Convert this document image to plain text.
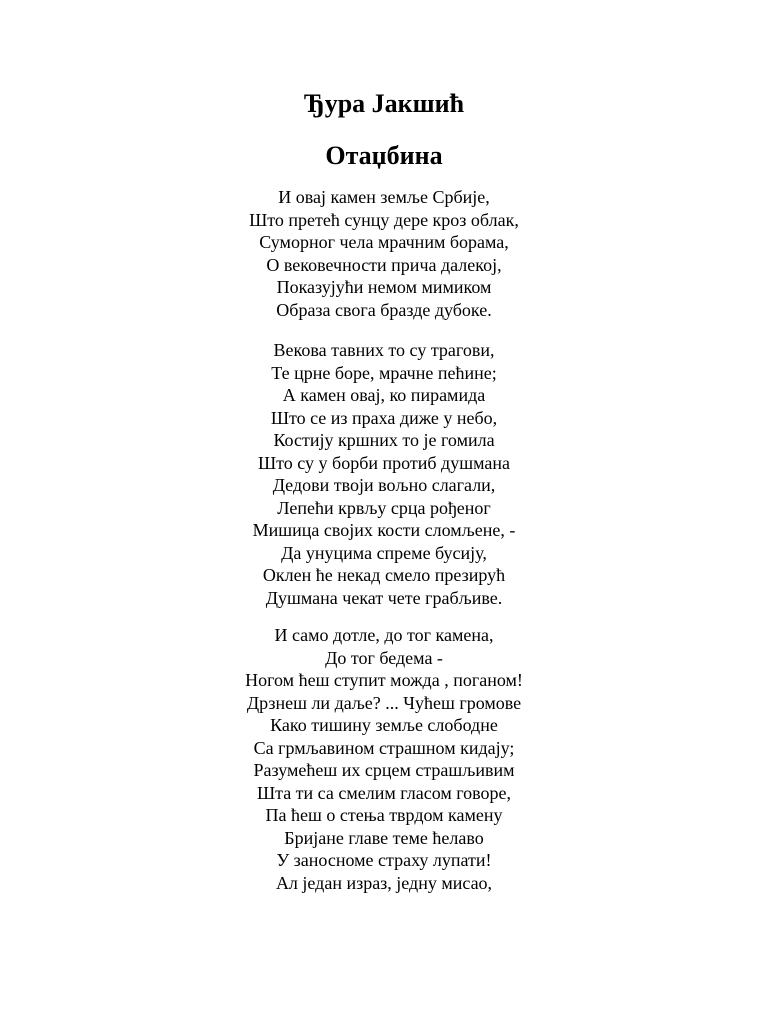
Ђура Јакшић
Отаџбина
И овај камен земље Србије,
Што претећ сунцу дере кроз облак,
Суморног чела мрачним борама,
О вековечности прича далекој,
Показујући немом мимиком
Образа свога бразде дубоке.
Векова тавних то су трагови,
Те црне боре, мрачне пећине;
А камен овај, ко пирамида
Што се из праха диже у небо,
Костију кршних то је гомила
Што су у борби протиб душмана
Дедови твоји вољно слагали,
Лепећи крвљу срца рођеног
Мишица својих кости сломљене, -
Да унуцима спреме бусију,
Оклен ће некад смело презирућ
Душмана чекат чете грабљиве.
И само дотле, до тог камена,
До тог бедема -
Ногом ћеш ступит можда , поганом!
Дрзнеш ли даље? ... Чућеш громове
Како тишину земље слободне
Са грмљавином страшном кидају;
Разумећеш их срцем страшљивим
Шта ти са смелим гласом говоре,
Па ћеш о стења тврдом камену
Бријане главе теме ћелаво
У заносноме страху лупати!
Ал један израз, једну мисао,
